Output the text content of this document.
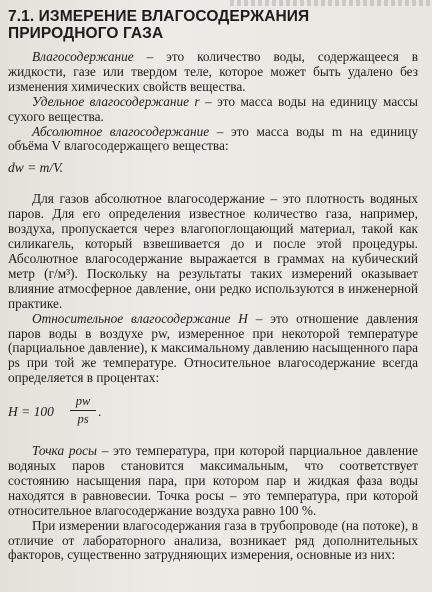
7.1. ИЗМЕРЕНИЕ ВЛАГОСОДЕРЖАНИЯ
ПРИРОДНОГО ГАЗА

Влагосодержание – это количество воды, содержащееся в жидкости, газе или твердом теле, которое может быть удалено без изменения химических свойств вещества.

Удельное влагосодержание r – это масса воды на единицу массы сухого вещества.

Абсолютное влагосодержание – это масса воды m на единицу объёма V влагосодержащего вещества:

dw = m/V.

Для газов абсолютное влагосодержание – это плотность водяных паров. Для его определения известное количество газа, например, воздуха, пропускается через влагопоглощающий материал, такой как силикагель, который взвешивается до и после этой процедуры. Абсолютное влагосодержание выражается в граммах на кубический метр (г/м³). Поскольку на результаты таких измерений оказывает влияние атмосферное давление, они редко используются в инженерной практике.

Относительное влагосодержание H – это отношение давления паров воды в воздухе pw, измеренное при некоторой температуре (парциальное давление), к максимальному давлению насыщенного пара ps при той же температуре. Относительное влагосодержание всегда определяется в процентах:

$H = 100 \frac{pw}{ps}$ .

Точка росы – это температура, при которой парциальное давление водяных паров становится максимальным, что соответствует состоянию насыщения пара, при котором пар и жидкая фаза воды находятся в равновесии. Точка росы – это температура, при которой относительное влагосодержание воздуха равно 100 %.

При измерении влагосодержания газа в трубопроводе (на потоке), в отличие от лабораторного анализа, возникает ряд дополнительных факторов, существенно затрудняющих измерения, основные из них:
